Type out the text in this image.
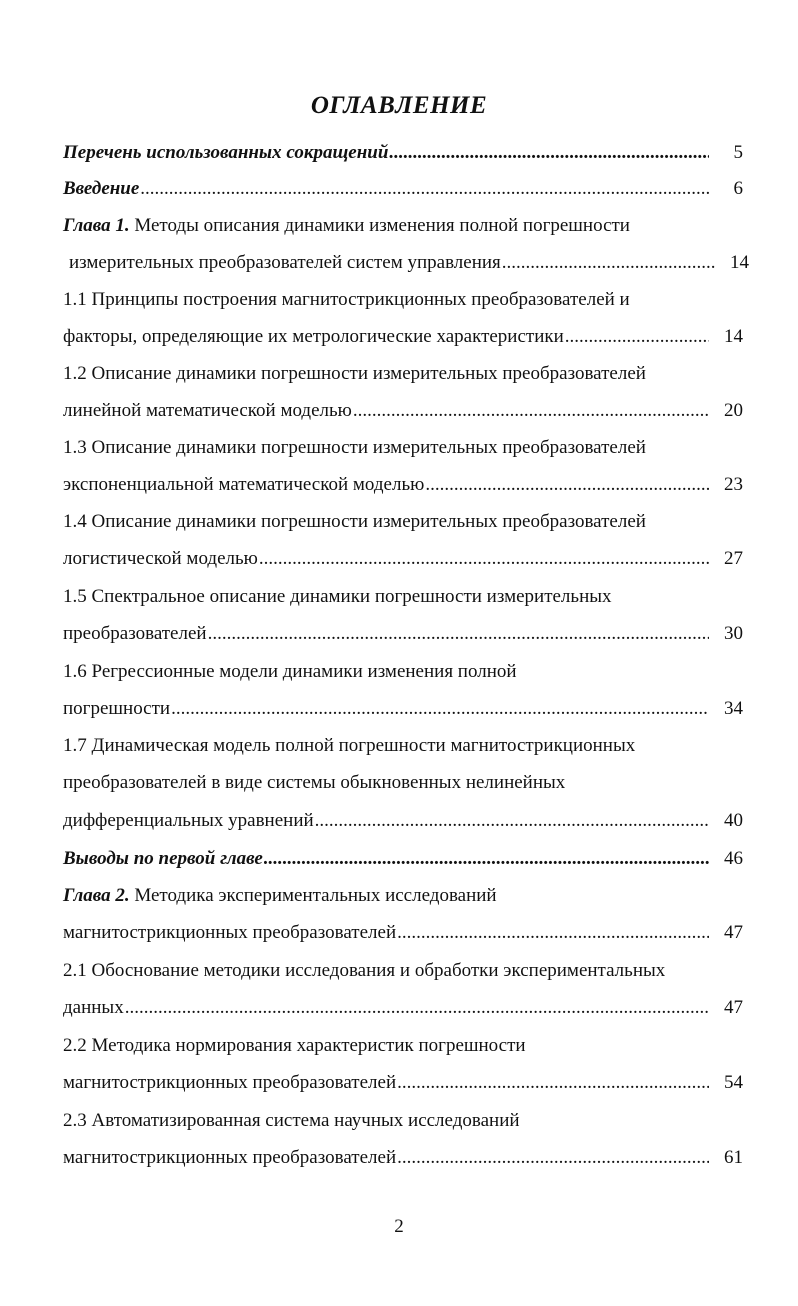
ОГЛАВЛЕНИЕ
Перечень использованных сокращений .....	5
Введение .....	6
Глава 1. Методы описания динамики изменения полной погрешности
измерительных преобразователей систем управления .....	14
1.1 Принципы построения магнитострикционных преобразователей и
факторы, определяющие их метрологические характеристики .....	14
1.2 Описание динамики погрешности измерительных преобразователей
линейной математической моделью .....	20
1.3 Описание динамики погрешности измерительных преобразователей
экспоненциальной математической моделью .....	23
1.4 Описание динамики погрешности измерительных преобразователей
логистической моделью .....	27
1.5 Спектральное описание динамики погрешности измерительных
преобразователей .....	30
1.6 Регрессионные модели динамики изменения полной
погрешности .....	34
1.7 Динамическая модель полной погрешности магнитострикционных
преобразователей в виде системы обыкновенных нелинейных
дифференциальных уравнений .....	40
Выводы по первой главе .....	46
Глава 2. Методика экспериментальных исследований
магнитострикционных преобразователей .....	47
2.1 Обоснование методики исследования и обработки экспериментальных
данных .....	47
2.2 Методика нормирования характеристик погрешности
магнитострикционных преобразователей .....	54
2.3 Автоматизированная система научных исследований
магнитострикционных преобразователей .....	61
2
